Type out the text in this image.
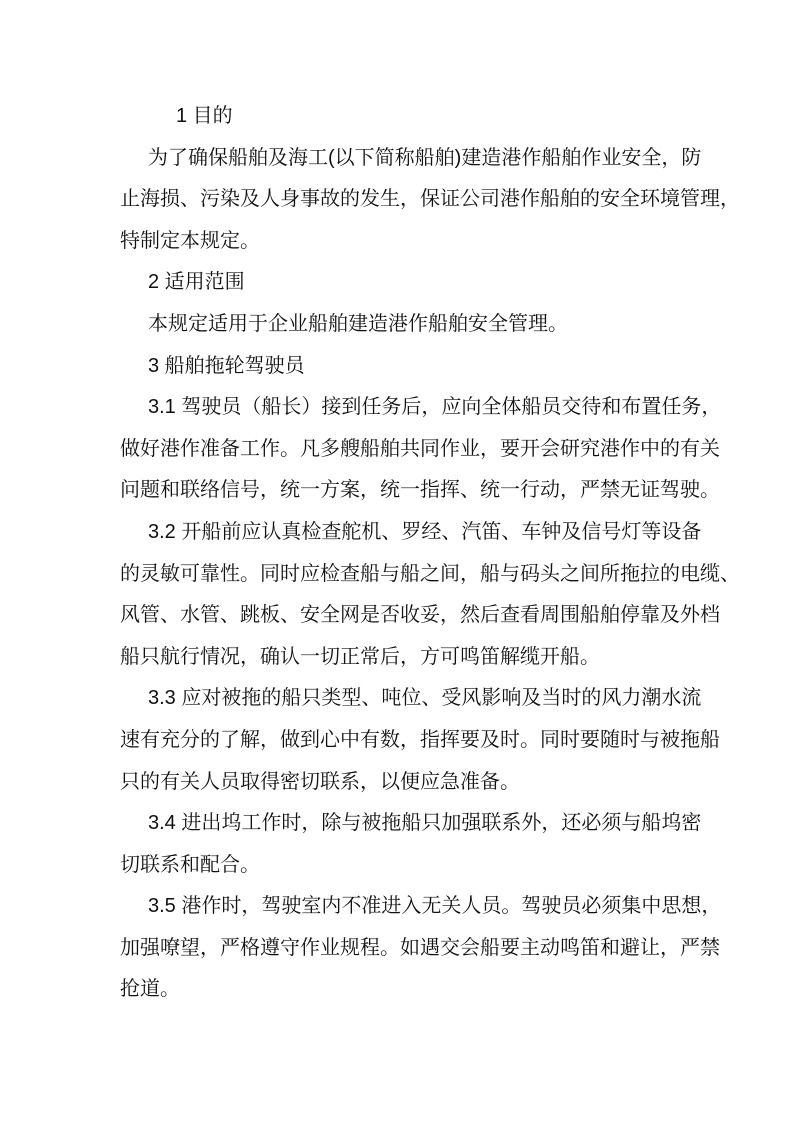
1 目的
为了确保船舶及海工(以下简称船舶)建造港作船舶作业安全，防
止海损、污染及人身事故的发生，保证公司港作船舶的安全环境管理，
特制定本规定。
2 适用范围
本规定适用于企业船舶建造港作船舶安全管理。
3 船舶拖轮驾驶员
3.1 驾驶员（船长）接到任务后，应向全体船员交待和布置任务，
做好港作准备工作。凡多艘船舶共同作业，要开会研究港作中的有关
问题和联络信号，统一方案，统一指挥、统一行动，严禁无证驾驶。
3.2 开船前应认真检查舵机、罗经、汽笛、车钟及信号灯等设备
的灵敏可靠性。同时应检查船与船之间，船与码头之间所拖拉的电缆、
风管、水管、跳板、安全网是否收妥，然后查看周围船舶停靠及外档
船只航行情况，确认一切正常后，方可鸣笛解缆开船。
3.3 应对被拖的船只类型、吨位、受风影响及当时的风力潮水流
速有充分的了解，做到心中有数，指挥要及时。同时要随时与被拖船
只的有关人员取得密切联系，以便应急准备。
3.4 进出坞工作时，除与被拖船只加强联系外，还必须与船坞密
切联系和配合。
3.5 港作时，驾驶室内不准进入无关人员。驾驶员必须集中思想，
加强嘹望，严格遵守作业规程。如遇交会船要主动鸣笛和避让，严禁
抢道。
